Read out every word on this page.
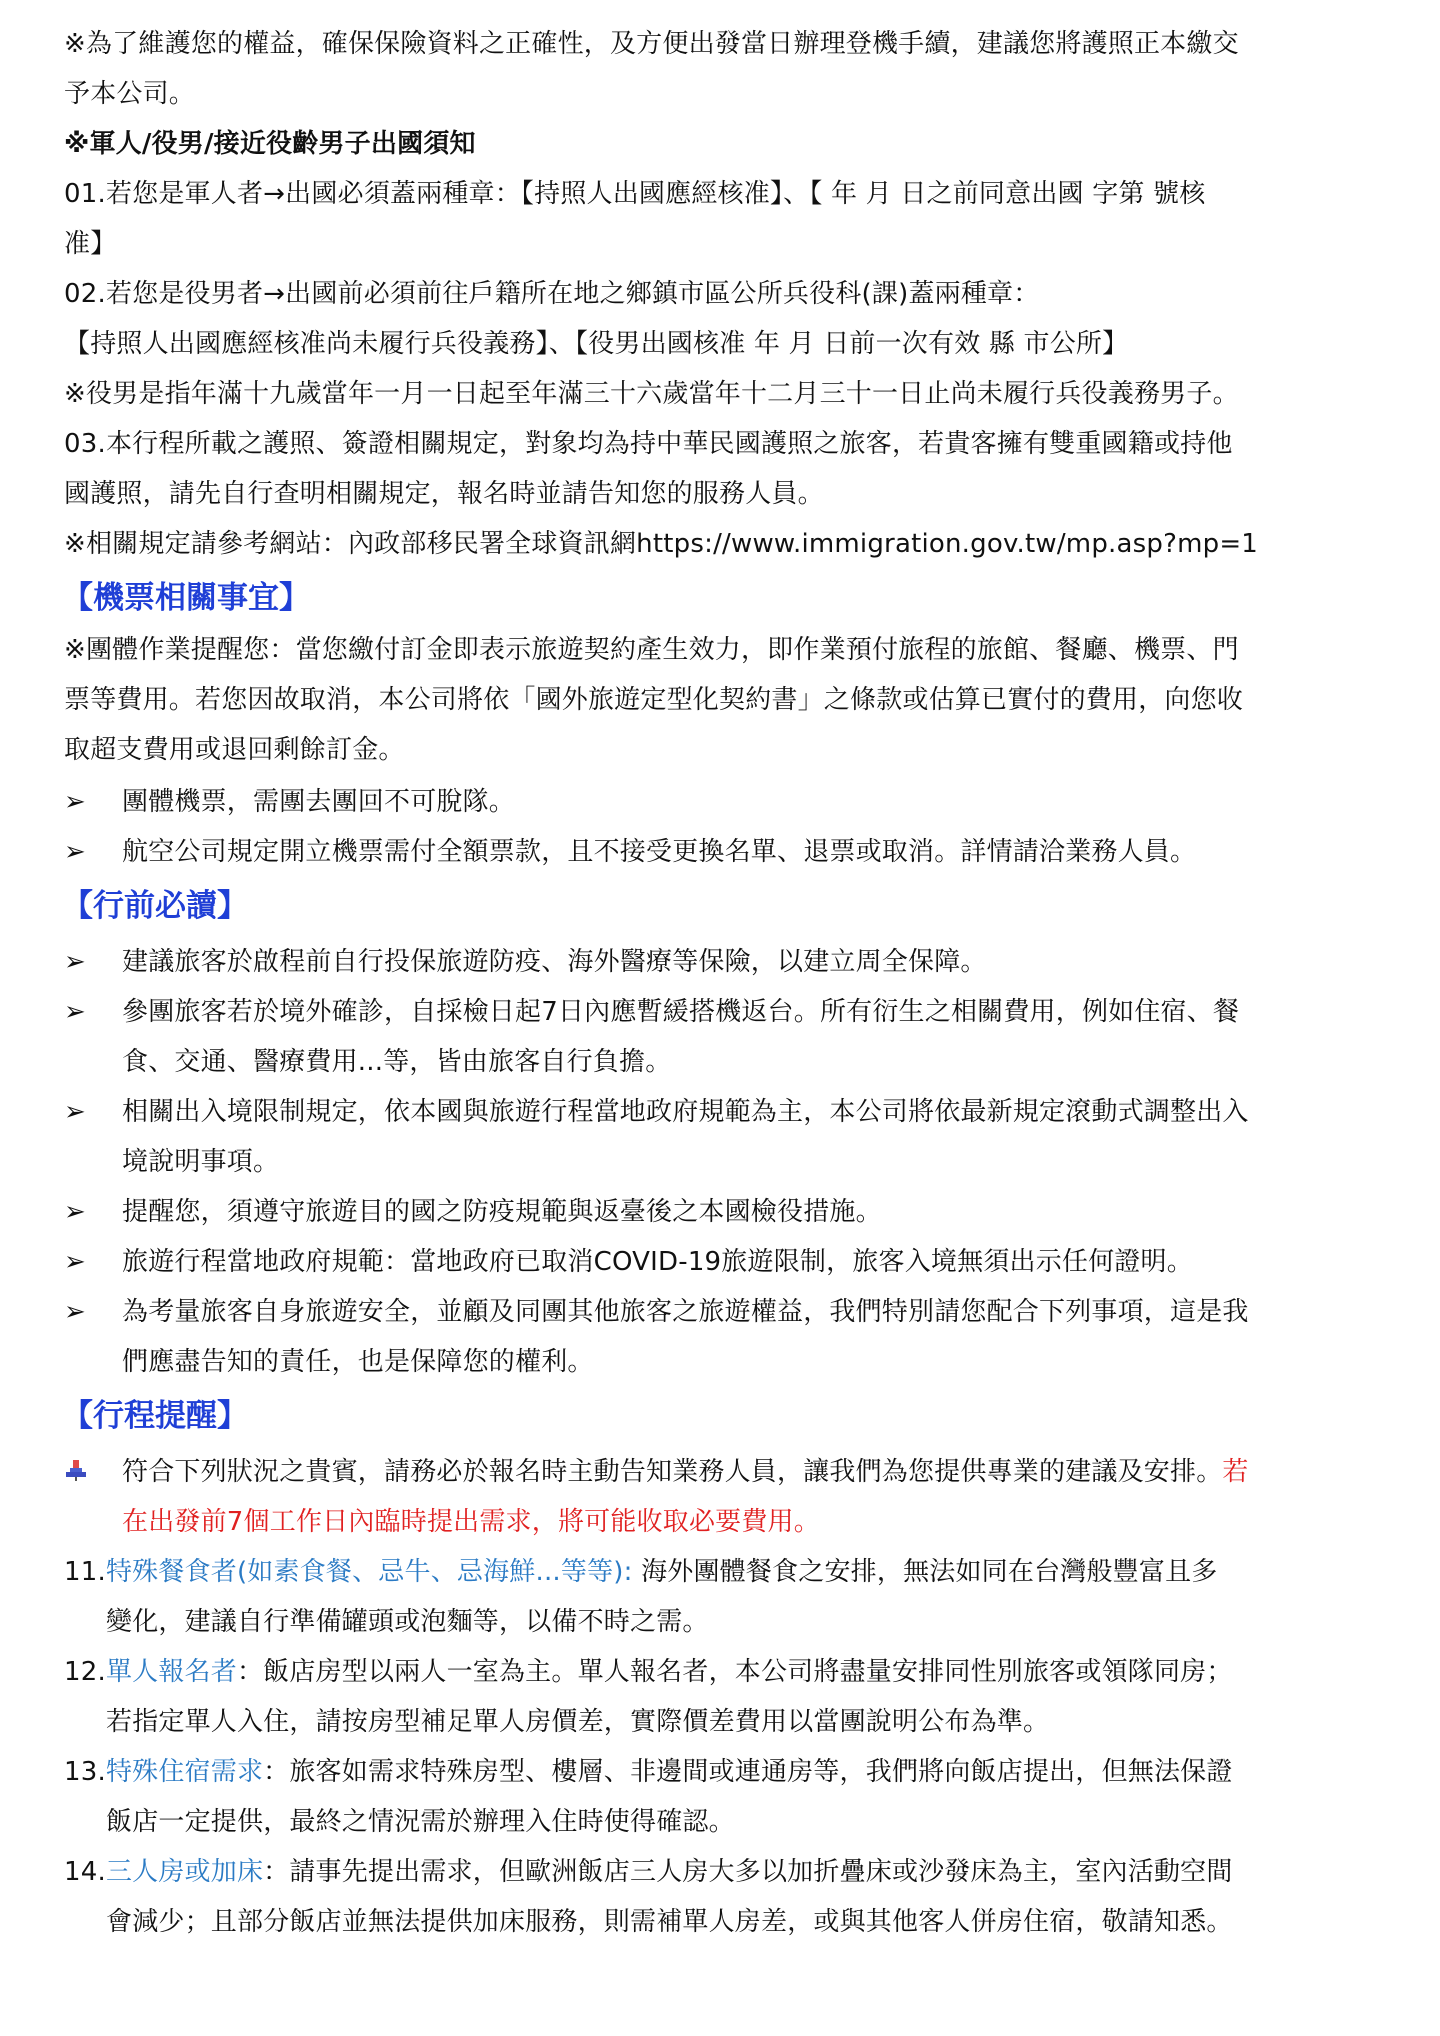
※為了維護您的權益，確保保險資料之正確性，及方便出發當日辦理登機手續，建議您將護照正本繳交
予本公司。
※軍人/役男/接近役齡男子出國須知
01.若您是軍人者→出國必須蓋兩種章：【持照人出國應經核准】、【 年 月 日之前同意出國 字第 號核
准】
02.若您是役男者→出國前必須前往戶籍所在地之鄉鎮市區公所兵役科(課)蓋兩種章：
【持照人出國應經核准尚未履行兵役義務】、【役男出國核准 年 月 日前一次有效 縣 市公所】
※役男是指年滿十九歲當年一月一日起至年滿三十六歲當年十二月三十一日止尚未履行兵役義務男子。
03.本行程所載之護照、簽證相關規定，對象均為持中華民國護照之旅客，若貴客擁有雙重國籍或持他
國護照，請先自行查明相關規定，報名時並請告知您的服務人員。
※相關規定請參考網站：內政部移民署全球資訊網https://www.immigration.gov.tw/mp.asp?mp=1
【機票相關事宜】
※團體作業提醒您：當您繳付訂金即表示旅遊契約產生效力，即作業預付旅程的旅館、餐廳、機票、門
票等費用。若您因故取消，本公司將依「國外旅遊定型化契約書」之條款或估算已實付的費用，向您收
取超支費用或退回剩餘訂金。
➢ 團體機票，需團去團回不可脫隊。
➢ 航空公司規定開立機票需付全額票款，且不接受更換名單、退票或取消。詳情請洽業務人員。
【行前必讀】
➢ 建議旅客於啟程前自行投保旅遊防疫、海外醫療等保險，以建立周全保障。
➢ 參團旅客若於境外確診，自採檢日起7日內應暫緩搭機返台。所有衍生之相關費用，例如住宿、餐
食、交通、醫療費用...等，皆由旅客自行負擔。
➢ 相關出入境限制規定，依本國與旅遊行程當地政府規範為主，本公司將依最新規定滾動式調整出入
境說明事項。
➢ 提醒您，須遵守旅遊目的國之防疫規範與返臺後之本國檢役措施。
➢ 旅遊行程當地政府規範：當地政府已取消COVID-19旅遊限制，旅客入境無須出示任何證明。
➢ 為考量旅客自身旅遊安全，並顧及同團其他旅客之旅遊權益，我們特別請您配合下列事項，這是我
們應盡告知的責任，也是保障您的權利。
【行程提醒】
符合下列狀況之貴賓，請務必於報名時主動告知業務人員，讓我們為您提供專業的建議及安排。若
在出發前7個工作日內臨時提出需求，將可能收取必要費用。
11.特殊餐食者(如素食餐、忌牛、忌海鮮...等等): 海外團體餐食之安排，無法如同在台灣般豐富且多
變化，建議自行準備罐頭或泡麵等，以備不時之需。
12.單人報名者：飯店房型以兩人一室為主。單人報名者，本公司將盡量安排同性別旅客或領隊同房；
若指定單人入住，請按房型補足單人房價差，實際價差費用以當團說明公布為準。
13.特殊住宿需求：旅客如需求特殊房型、樓層、非邊間或連通房等，我們將向飯店提出，但無法保證
飯店一定提供，最終之情況需於辦理入住時使得確認。
14.三人房或加床：請事先提出需求，但歐洲飯店三人房大多以加折疊床或沙發床為主，室內活動空間
會減少；且部分飯店並無法提供加床服務，則需補單人房差，或與其他客人併房住宿，敬請知悉。
